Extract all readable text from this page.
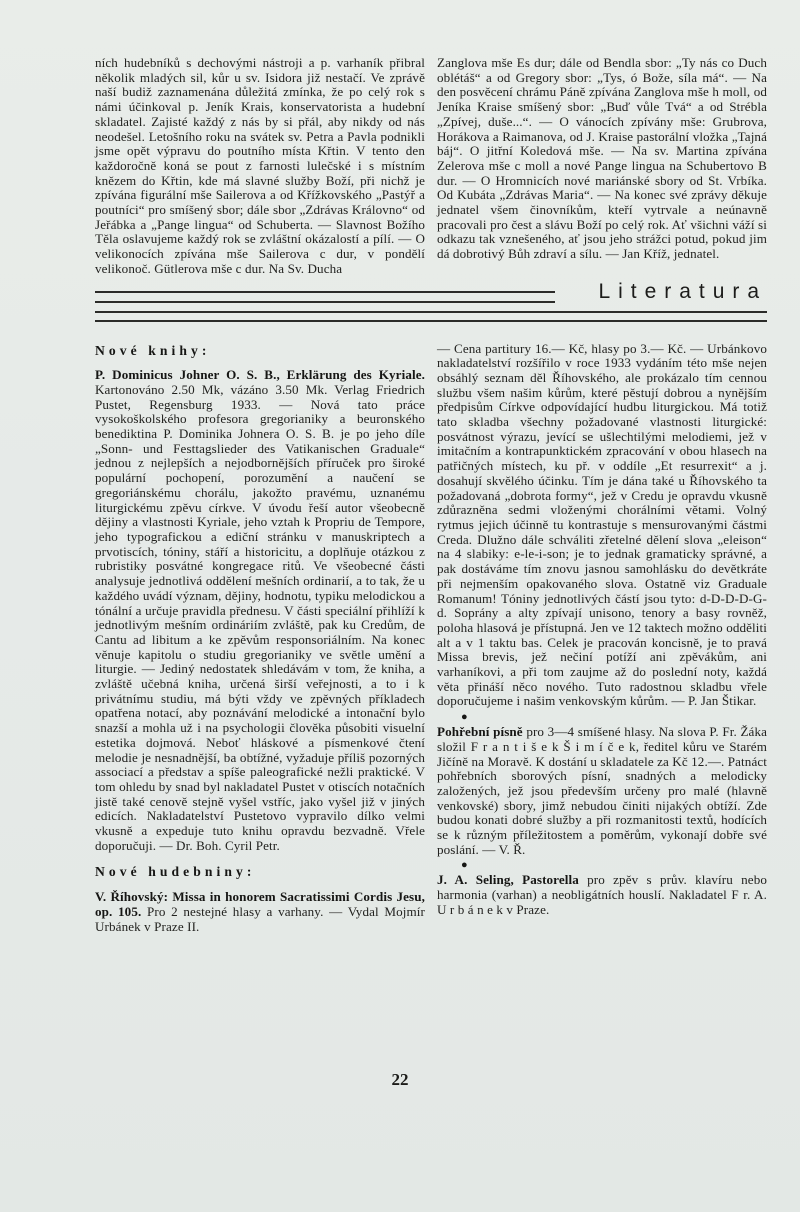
ních hudebníků s dechovými nástroji a p. varhaník přibral několik mladých sil, kůr u sv. Isidora již nestačí. Ve zprávě naší budiž zaznamenána důležitá zmínka, že po celý rok s námi účinkoval p. Jeník Krais, konservatorista a hudební skladatel. Zajisté každý z nás by si přál, aby nikdy od nás neodešel. Letošního roku na svátek sv. Petra a Pavla podnikli jsme opět výpravu do poutního místa Křtin. V tento den každoročně koná se pout z farnosti lulečské i s místním knězem do Křtin, kde má slavné služby Boží, při nichž je zpívána figurální mše Sailerova a od Křížkovského „Pastýř a poutníci“ pro smíšený sbor; dále sbor „Zdrávas Královno“ od Jeřábka a „Pange lingua“ od Schuberta. — Slavnost Božího Těla oslavujeme každý rok se zvláštní okázalostí a pílí. — O velikonocích zpívána mše Sailerova c dur, v pondělí velikonoč. Gütlerova mše c dur. Na Sv. Ducha
Zanglova mše Es dur; dále od Bendla sbor: „Ty nás co Duch oblétáš“ a od Gregory sbor: „Tys, ó Bože, síla má“. — Na den posvěcení chrámu Páně zpívána Zanglova mše h moll, od Jeníka Kraise smíšený sbor: „Buď vůle Tvá“ a od Strébla „Zpívej, duše...“. — O vánocích zpívány mše: Grubrova, Horákova a Raimanova, od J. Kraise pastorální vložka „Tajná báj“. O jitřní Koledová mše. — Na sv. Martina zpívána Zelerova mše c moll a nové Pange lingua na Schubertovo B dur. — O Hromnicích nové mariánské sbory od St. Vrbíka. Od Kubáta „Zdrávas Maria“. — Na konec své zprávy děkuje jednatel všem činovníkům, kteří vytrvale a neúnavně pracovali pro čest a slávu Boží po celý rok. Ať všichni váží si odkazu tak vznešeného, ať jsou jeho strážci potud, pokud jim dá dobrotivý Bůh zdraví a sílu. — Jan Kříž, jednatel.
Literatura
Nové knihy:

P. Dominicus Johner O. S. B., Erklärung des Kyriale. Kartonováno 2.50 Mk, vázáno 3.50 Mk. Verlag Friedrich Pustet, Regensburg 1933. — Nová tato práce vysokoškolského profesora gregorianiky a beuronského benediktina P. Dominika Johnera O. S. B. je po jeho díle „Sonn- und Festtagslieder des Vatikanischen Graduale“ jednou z nejlepších a nejodbornějších příruček pro široké populární pochopení, porozumění a naučení se gregoriánskému chorálu, jakožto pravému, uznanému liturgickému zpěvu církve. V úvodu řeší autor všeobecně dějiny a vlastnosti Kyriale, jeho vztah k Propriu de Tempore, jeho typografickou a ediční stránku v manuskriptech a prvotiscích, tóniny, stáří a historicitu, a doplňuje otázkou z rubristiky posvátné kongregace ritů. Ve všeobecné části analysuje jednotlivá oddělení mešních ordinarií, a to tak, že u každého uvádí význam, dějiny, hodnotu, typiku melodickou a tónální a určuje pravidla přednesu. V části speciální přihlíží k jednotlivým mešním ordináriím zvláště, pak ku Credům, de Cantu ad libitum a ke zpěvům responsoriálním. Na konec věnuje kapitolu o studiu gregorianiky ve světle umění a liturgie. — Jediný nedostatek shledávám v tom, že kniha, a zvláště učebná kniha, určená širší veřejnosti, a to i k privátnímu studiu, má býti vždy ve zpěvných příkladech opatřena notací, aby poznávání melodické a intonační bylo snazší a mohla už i na psychologii člověka působiti visuelní estetika dojmová. Neboť hláskové a písmenkové čtení melodie je nesnadnější, ba obtížné, vyžaduje příliš pozorných associací a představ a spíše paleografické nežli praktické. V tom ohledu by snad byl nakladatel Pustet v otiscích notačních jistě také cenově stejně vyšel vstříc, jako vyšel již v jiných edicích. Nakladatelství Pustetovo vypravilo dílko velmi vkusně a expeduje tuto knihu opravdu bezvadně. Vřele doporučuji. — Dr. Boh. Cyril Petr.

Nové hudebniny:

V. Říhovský: Missa in honorem Sacratissimi Cordis Jesu, op. 105. Pro 2 nestejné hlasy a varhany. — Vydal Mojmír Urbánek v Praze II.

— Cena partitury 16.— Kč, hlasy po 3.— Kč. — Urbánkovo nakladatelství rozšířilo v roce 1933 vydáním této mše nejen obsáhlý seznam děl Říhovského, ale prokázalo tím cennou službu všem našim kůrům, které pěstují dobrou a nynějším předpisům Církve odpovídající hudbu liturgickou. Má totiž tato skladba všechny požadované vlastnosti liturgické: posvátnost výrazu, jevící se ušlechtilými melodiemi, jež v imitačním a kontrapunktickém zpracování v obou hlasech na patřičných místech, ku př. v oddíle „Et resurrexit“ a j. dosahují skvělého účinku. Tím je dána také u Říhovského ta požadovaná „dobrota formy“, jež v Credu je opravdu vkusně zdůrazněna sedmi vloženými chorálními větami. Volný rytmus jejich účinně tu kontrastuje s mensurovanými částmi Creda. Dlužno dále schváliti zřetelné dělení slova „eleison“ na 4 slabiky: e-le-i-son; je to jednak gramaticky správné, a pak dostáváme tím znovu jasnou samohlásku do devětkráte při nejmenším opakovaného slova. Ostatně viz Graduale Romanum! Tóniny jednotlivých částí jsou tyto: d-D-D-D-G-d. Soprány a alty zpívají unisono, tenory a basy rovněž, poloha hlasová je přístupná. Jen ve 12 taktech možno odděliti alt a v 1 taktu bas. Celek je pracován koncisně, je to pravá Missa brevis, jež nečiní potíží ani zpěvákům, ani varhaníkovi, a při tom zaujme až do poslední noty, každá věta přináší něco nového. Tuto radostnou skladbu vřele doporučujeme i našim venkovským kůrům. — P. Jan Štikar.

●

Pohřební písně pro 3—4 smíšené hlasy. Na slova P. Fr. Žáka složil F r a n t i š e k Š i m í č e k, ředitel kůru ve Starém Jičíně na Moravě. K dostání u skladatele za Kč 12.—. Patnáct pohřebních sborových písní, snadných a melodicky založených, jež jsou především určeny pro malé (hlavně venkovské) sbory, jimž nebudou činiti nijakých obtíží. Zde budou konati dobré služby a při rozmanitosti textů, hodících se k různým příležitostem a poměrům, vykonají dobře své poslání. — V. Ř.

●

J. A. Seling, Pastorella pro zpěv s prův. klavíru nebo harmonia (varhan) a neobligátních houslí. Nakladatel F r. A. U r b á n e k v Praze.

22
